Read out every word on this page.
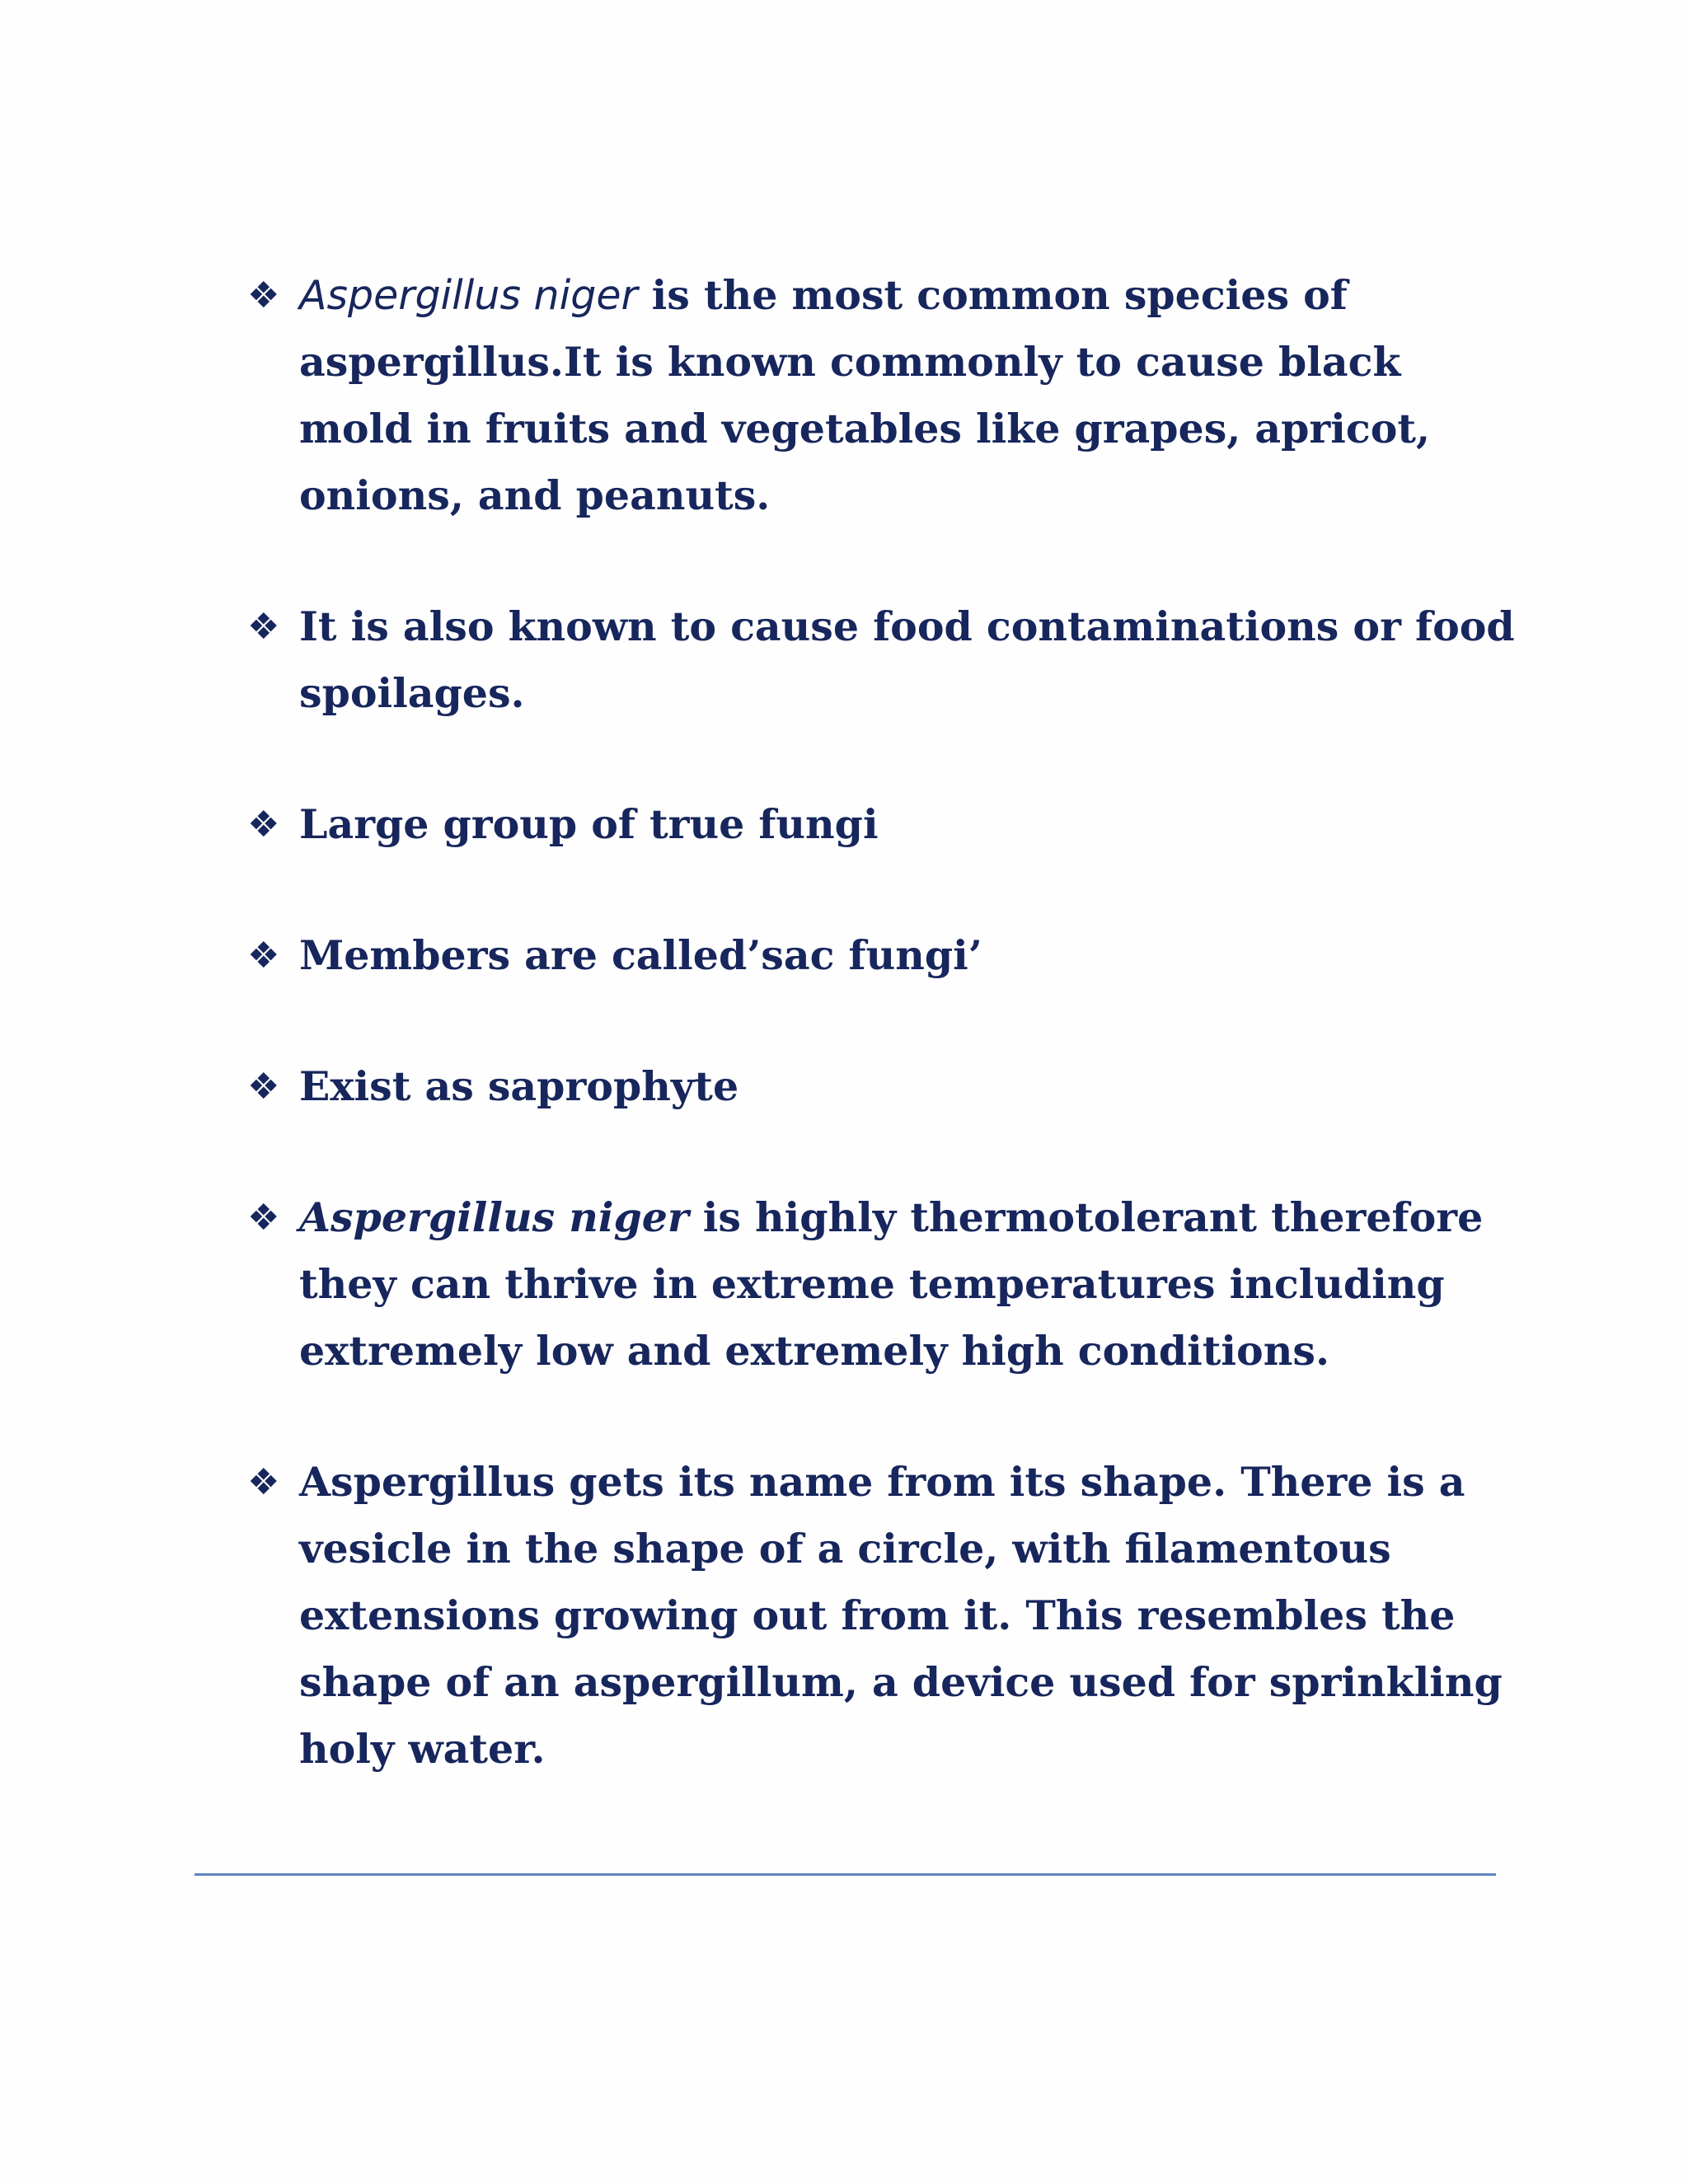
❖ Aspergillus niger is the most common species of aspergillus.It is known commonly to cause black mold in fruits and vegetables like grapes, apricot, onions, and peanuts.
❖ It is also known to cause food contaminations or food spoilages.
❖ Large group of true fungi
❖ Members are called’sac fungi’
❖ Exist as saprophyte
❖ Aspergillus niger is highly thermotolerant therefore they can thrive in extreme temperatures including extremely low and extremely high conditions.
❖ Aspergillus gets its name from its shape. There is a vesicle in the shape of a circle, with filamentous extensions growing out from it. This resembles the shape of an aspergillum, a device used for sprinkling holy water.
